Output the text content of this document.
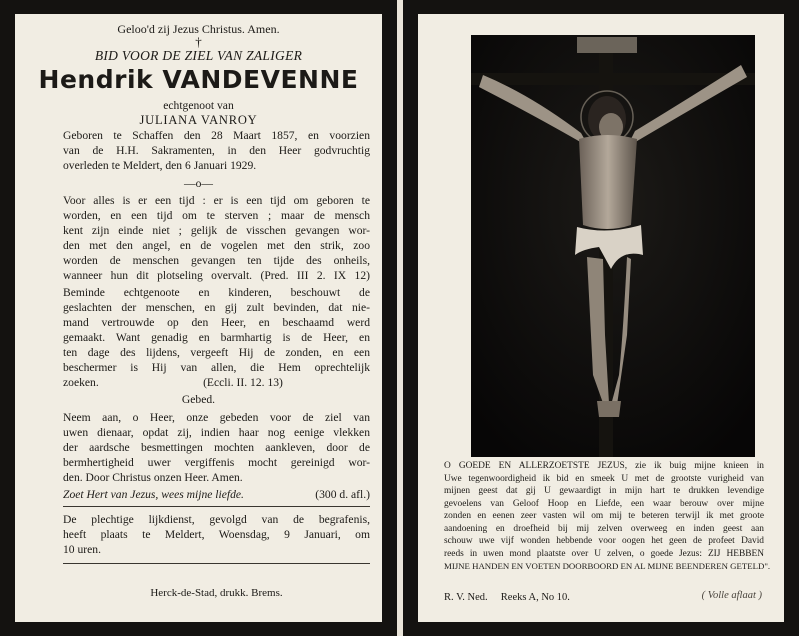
Geloo'd zij Jezus Christus. Amen.
†
BID VOOR DE ZIEL VAN ZALIGER
Hendrik VANDEVENNE
echtgenoot van
JULIANA VANROY
Geboren te Schaffen den 28 Maart 1857, en voorzien
van de H.H. Sakramenten, in den Heer godvruchtig
overleden te Meldert, den 6 Januari 1929.
—o—
Voor alles is er een tijd : er is een tijd om geboren te
worden, en een tijd om te sterven ; maar de mensch
kent zijn einde niet ; gelijk de visschen gevangen wor-
den met den angel, en de vogelen met den strik, zoo
worden de menschen gevangen ten tijde des onheils,
wanneer hun dit plotseling overvalt. (Pred. III 2. IX 12)
Beminde echtgenoote en kinderen, beschouwt de
geslachten der menschen, en gij zult bevinden, dat nie-
mand vertrouwde op den Heer, en beschaamd werd
gemaakt. Want genadig en barmhartig is de Heer, en
ten dage des lijdens, vergeeft Hij de zonden, en een
beschermer is Hij van allen, die Hem oprechtelijk
zoeken.                                    (Eccli. II. 12. 13)
Gebed.
Neem aan, o Heer, onze gebeden voor de ziel van
uwen dienaar, opdat zij, indien haar nog eenige vlekken
der aardsche besmettingen mochten aankleven, door de
bermhertigheid uwer vergiffenis mocht gereinigd wor-
den. Door Christus onzen Heer. Amen.
Zoet Hert van Jezus, wees mijne liefde.	(300 d. afl.)
De plechtige lijkdienst, gevolgd van de begrafenis,
heeft plaats te Meldert, Woensdag, 9 Januari, om
10 uren.
Herck-de-Stad, drukk. Brems.
O GOEDE EN ALLERZOETSTE JEZUS, zie ik buig mijne knieen in
Uwe tegenwoordigheid ik bid en smeek U met de grootste vurigheid van
mijnen geest dat gij U gewaardigt in mijn hart te drukken levendige
gevoelens van Geloof Hoop en Liefde, een waar berouw over mijne
zonden en eenen zeer vasten wil om mij te beteren terwijl ik met groote
aandoening en droefheid bij mij zelven overweeg en inden geest aan
schouw uwe vijf wonden hebbende voor oogen het geen de profeet David
reeds in uwen mond plaatste over U zelven, o goede Jezus: ZIJ HEBBEN
MIJNE HANDEN EN VOETEN DOORBOORD EN AL MIJNE BEENDEREN GETELD".
R. V. Ned.     Reeks A, No 10.	( Volle aflaat )
